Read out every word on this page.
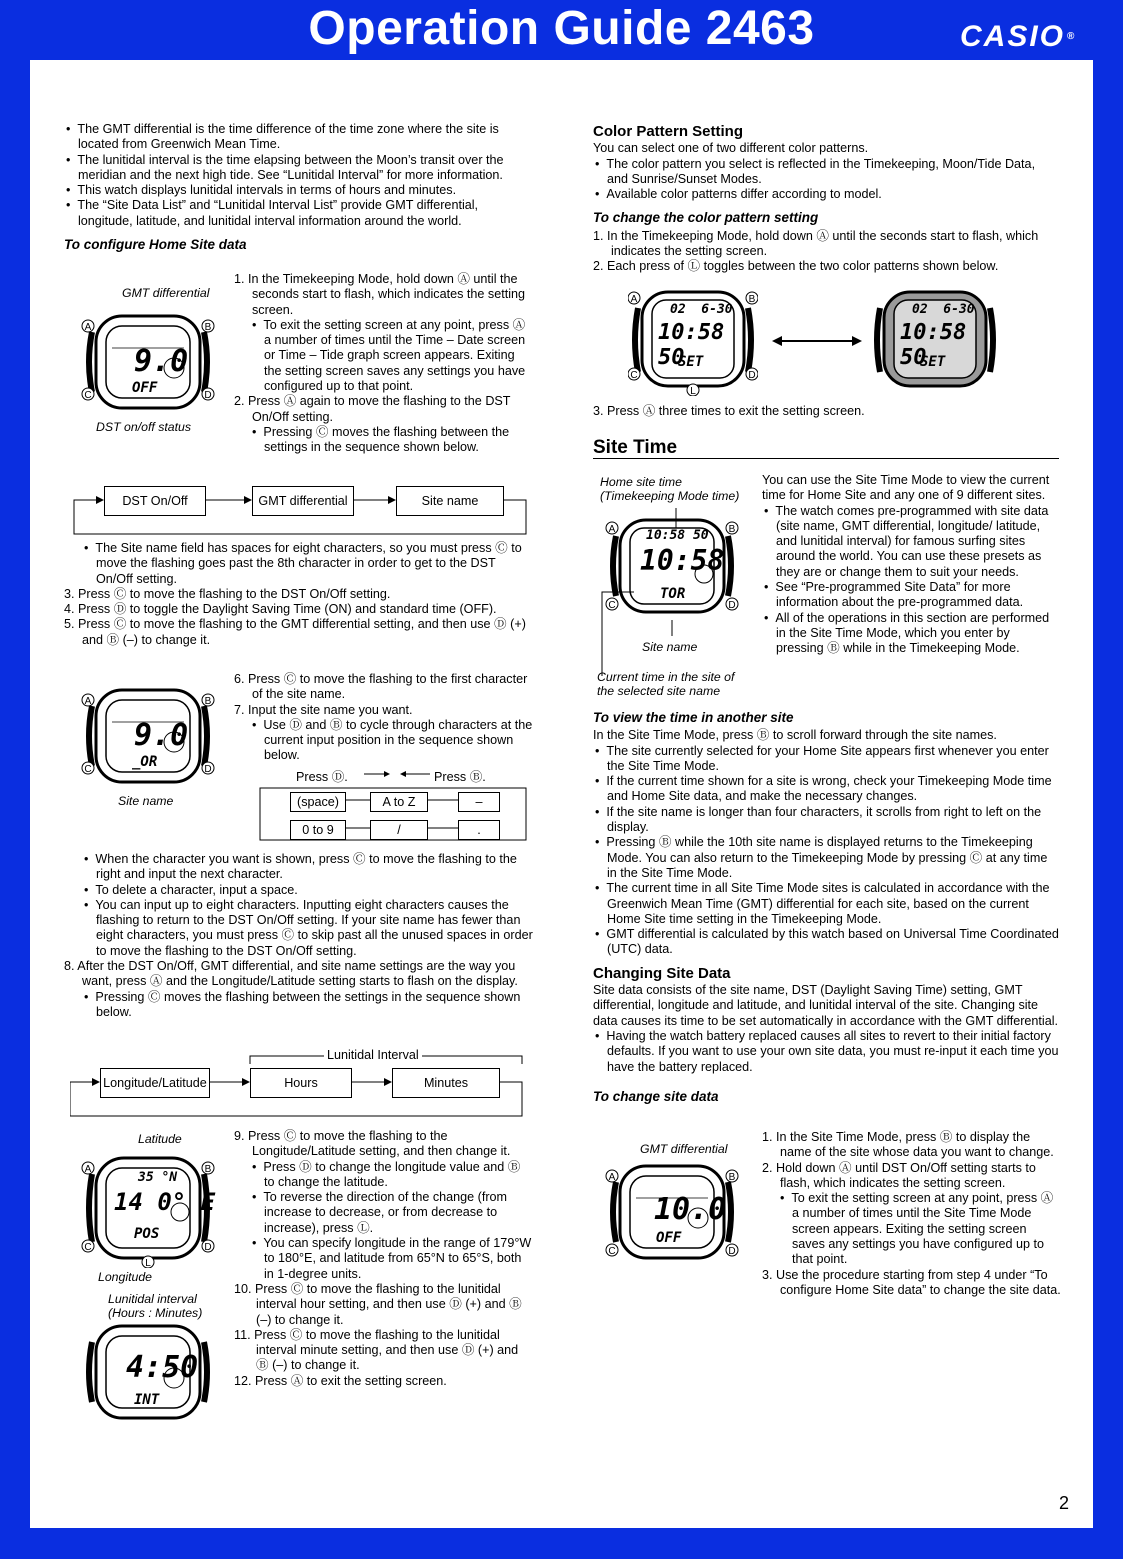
Operation Guide 2463	CASIO ®

•  The GMT differential is the time difference of the time zone where the site is located from Greenwich Mean Time.

•  The lunitidal interval is the time elapsing between the Moon’s transit over the meridian and the next high tide. See “Lunitidal Interval” for more information.

•  This watch displays lunitidal intervals in terms of hours and minutes.

•  The “Site Data List” and “Lunitidal Interval List” provide GMT differential, longitude, latitude, and lunitidal interval information around the world.

To configure Home Site data

GMT differential
A	B
C	D
9.0
OFF
DST on/off status

1. In the Timekeeping Mode, hold down Ⓐ until the seconds start to flash, which indicates the setting screen.

•  To exit the setting screen at any point, press Ⓐ a number of times until the Time – Date screen or Time – Tide graph screen appears. Exiting the setting screen saves any settings you have configured up to that point.

2. Press Ⓐ again to move the flashing to the DST On/Off setting.

•  Pressing Ⓒ moves the flashing between the settings in the sequence shown below.

DST On/Off	GMT differential	Site name

•  The Site name field has spaces for eight characters, so you must press Ⓒ to move the flashing goes past the 8th character in order to get to the DST On/Off setting.

3. Press Ⓒ to move the flashing to the DST On/Off setting.

4. Press Ⓓ to toggle the Daylight Saving Time (ON) and standard time (OFF).

5. Press Ⓒ to move the flashing to the GMT differential setting, and then use Ⓓ (+) and Ⓑ (–) to change it.

A	B
C	D
9.0
_OR
Site name

6. Press Ⓒ to move the flashing to the first character of the site name.

7. Input the site name you want.

•  Use Ⓓ and Ⓑ to cycle through characters at the current input position in the sequence shown below.

Press Ⓓ.	Press Ⓑ.
(space)	A to Z	–
0 to 9	/	.

•  When the character you want is shown, press Ⓒ to move the flashing to the right and input the next character.

•  To delete a character, input a space.

•  You can input up to eight characters. Inputting eight characters causes the flashing to return to the DST On/Off setting. If your site name has fewer than eight characters, you must press Ⓒ to skip past all the unused spaces in order to move the flashing to the DST On/Off setting.

8. After the DST On/Off, GMT differential, and site name settings are the way you want, press Ⓐ and the Longitude/Latitude setting starts to flash on the display.

•  Pressing Ⓒ moves the flashing between the settings in the sequence shown below.

Lunitidal Interval
Longitude/Latitude	Hours	Minutes
Latitude
A	B
C	D
L
35 °N
14 0° E
POS
Longitude
Lunitidal interval
(Hours : Minutes)
4:50
INT

9. Press Ⓒ to move the flashing to the Longitude/Latitude setting, and then change it.

•  Press Ⓓ to change the longitude value and Ⓑ to change the latitude.

•  To reverse the direction of the change (from increase to decrease, or from decrease to increase), press Ⓛ.

•  You can specify longitude in the range of 179°W to 180°E, and latitude from 65°N to 65°S, both in 1-degree units.

10. Press Ⓒ to move the flashing to the lunitidal interval hour setting, and then use Ⓓ (+) and Ⓑ (–) to change it.

11. Press Ⓒ to move the flashing to the lunitidal interval minute setting, and then use Ⓓ (+) and Ⓑ (–) to change it.

12. Press Ⓐ to exit the setting screen.

Color Pattern Setting

You can select one of two different color patterns.

•  The color pattern you select is reflected in the Timekeeping, Moon/Tide Data, and Sunrise/Sunset Modes.

•  Available color patterns differ according to model.

To change the color pattern setting

1. In the Timekeeping Mode, hold down Ⓐ until the seconds start to flash, which indicates the setting screen.

2. Each press of Ⓛ toggles between the two color patterns shown below.

A	B
C	D
L
02  6-30
10:58 50
SET
02  6-30
10:58 50
SET

3. Press Ⓐ three times to exit the setting screen.

Site Time

Home site time
(Timekeeping Mode time)
A	B
C	D
10:58 50
10:58
TOR
Site name
Current time in the site of
the selected site name

You can use the Site Time Mode to view the current time for Home Site and any one of 9 different sites.

•  The watch comes pre-programmed with site data (site name, GMT differential, longitude/ latitude, and lunitidal interval) for famous surfing sites around the world. You can use these presets as they are or change them to suit your needs.

•  See “Pre-programmed Site Data” for more information about the pre-programmed data.

•  All of the operations in this section are performed in the Site Time Mode, which you enter by pressing Ⓑ while in the Timekeeping Mode.

To view the time in another site

In the Site Time Mode, press Ⓑ to scroll forward through the site names.

•  The site currently selected for your Home Site appears first whenever you enter the Site Time Mode.

•  If the current time shown for a site is wrong, check your Timekeeping Mode time and Home Site data, and make the necessary changes.

•  If the site name is longer than four characters, it scrolls from right to left on the display.

•  Pressing Ⓑ while the 10th site name is displayed returns to the Timekeeping Mode. You can also return to the Timekeeping Mode by pressing Ⓒ at any time in the Site Time Mode.

•  The current time in all Site Time Mode sites is calculated in accordance with the Greenwich Mean Time (GMT) differential for each site, based on the current Home Site time setting in the Timekeeping Mode.

•  GMT differential is calculated by this watch based on Universal Time Coordinated (UTC) data.

Changing Site Data

Site data consists of the site name, DST (Daylight Saving Time) setting, GMT differential, longitude and latitude, and lunitidal interval of the site. Changing site data causes its time to be set automatically in accordance with the GMT differential.

•  Having the watch battery replaced causes all sites to revert to their initial factory defaults. If you want to use your own site data, you must re-input it each time you have the battery replaced.

To change site data

GMT differential
A	B
C	D
10.0
OFF

1. In the Site Time Mode, press Ⓑ to display the name of the site whose data you want to change.

2. Hold down Ⓐ until DST On/Off setting starts to flash, which indicates the setting screen.

•  To exit the setting screen at any point, press Ⓐ a number of times until the Site Time Mode screen appears. Exiting the setting screen saves any settings you have configured up to that point.

3. Use the procedure starting from step 4 under “To configure Home Site data” to change the site data.

2
